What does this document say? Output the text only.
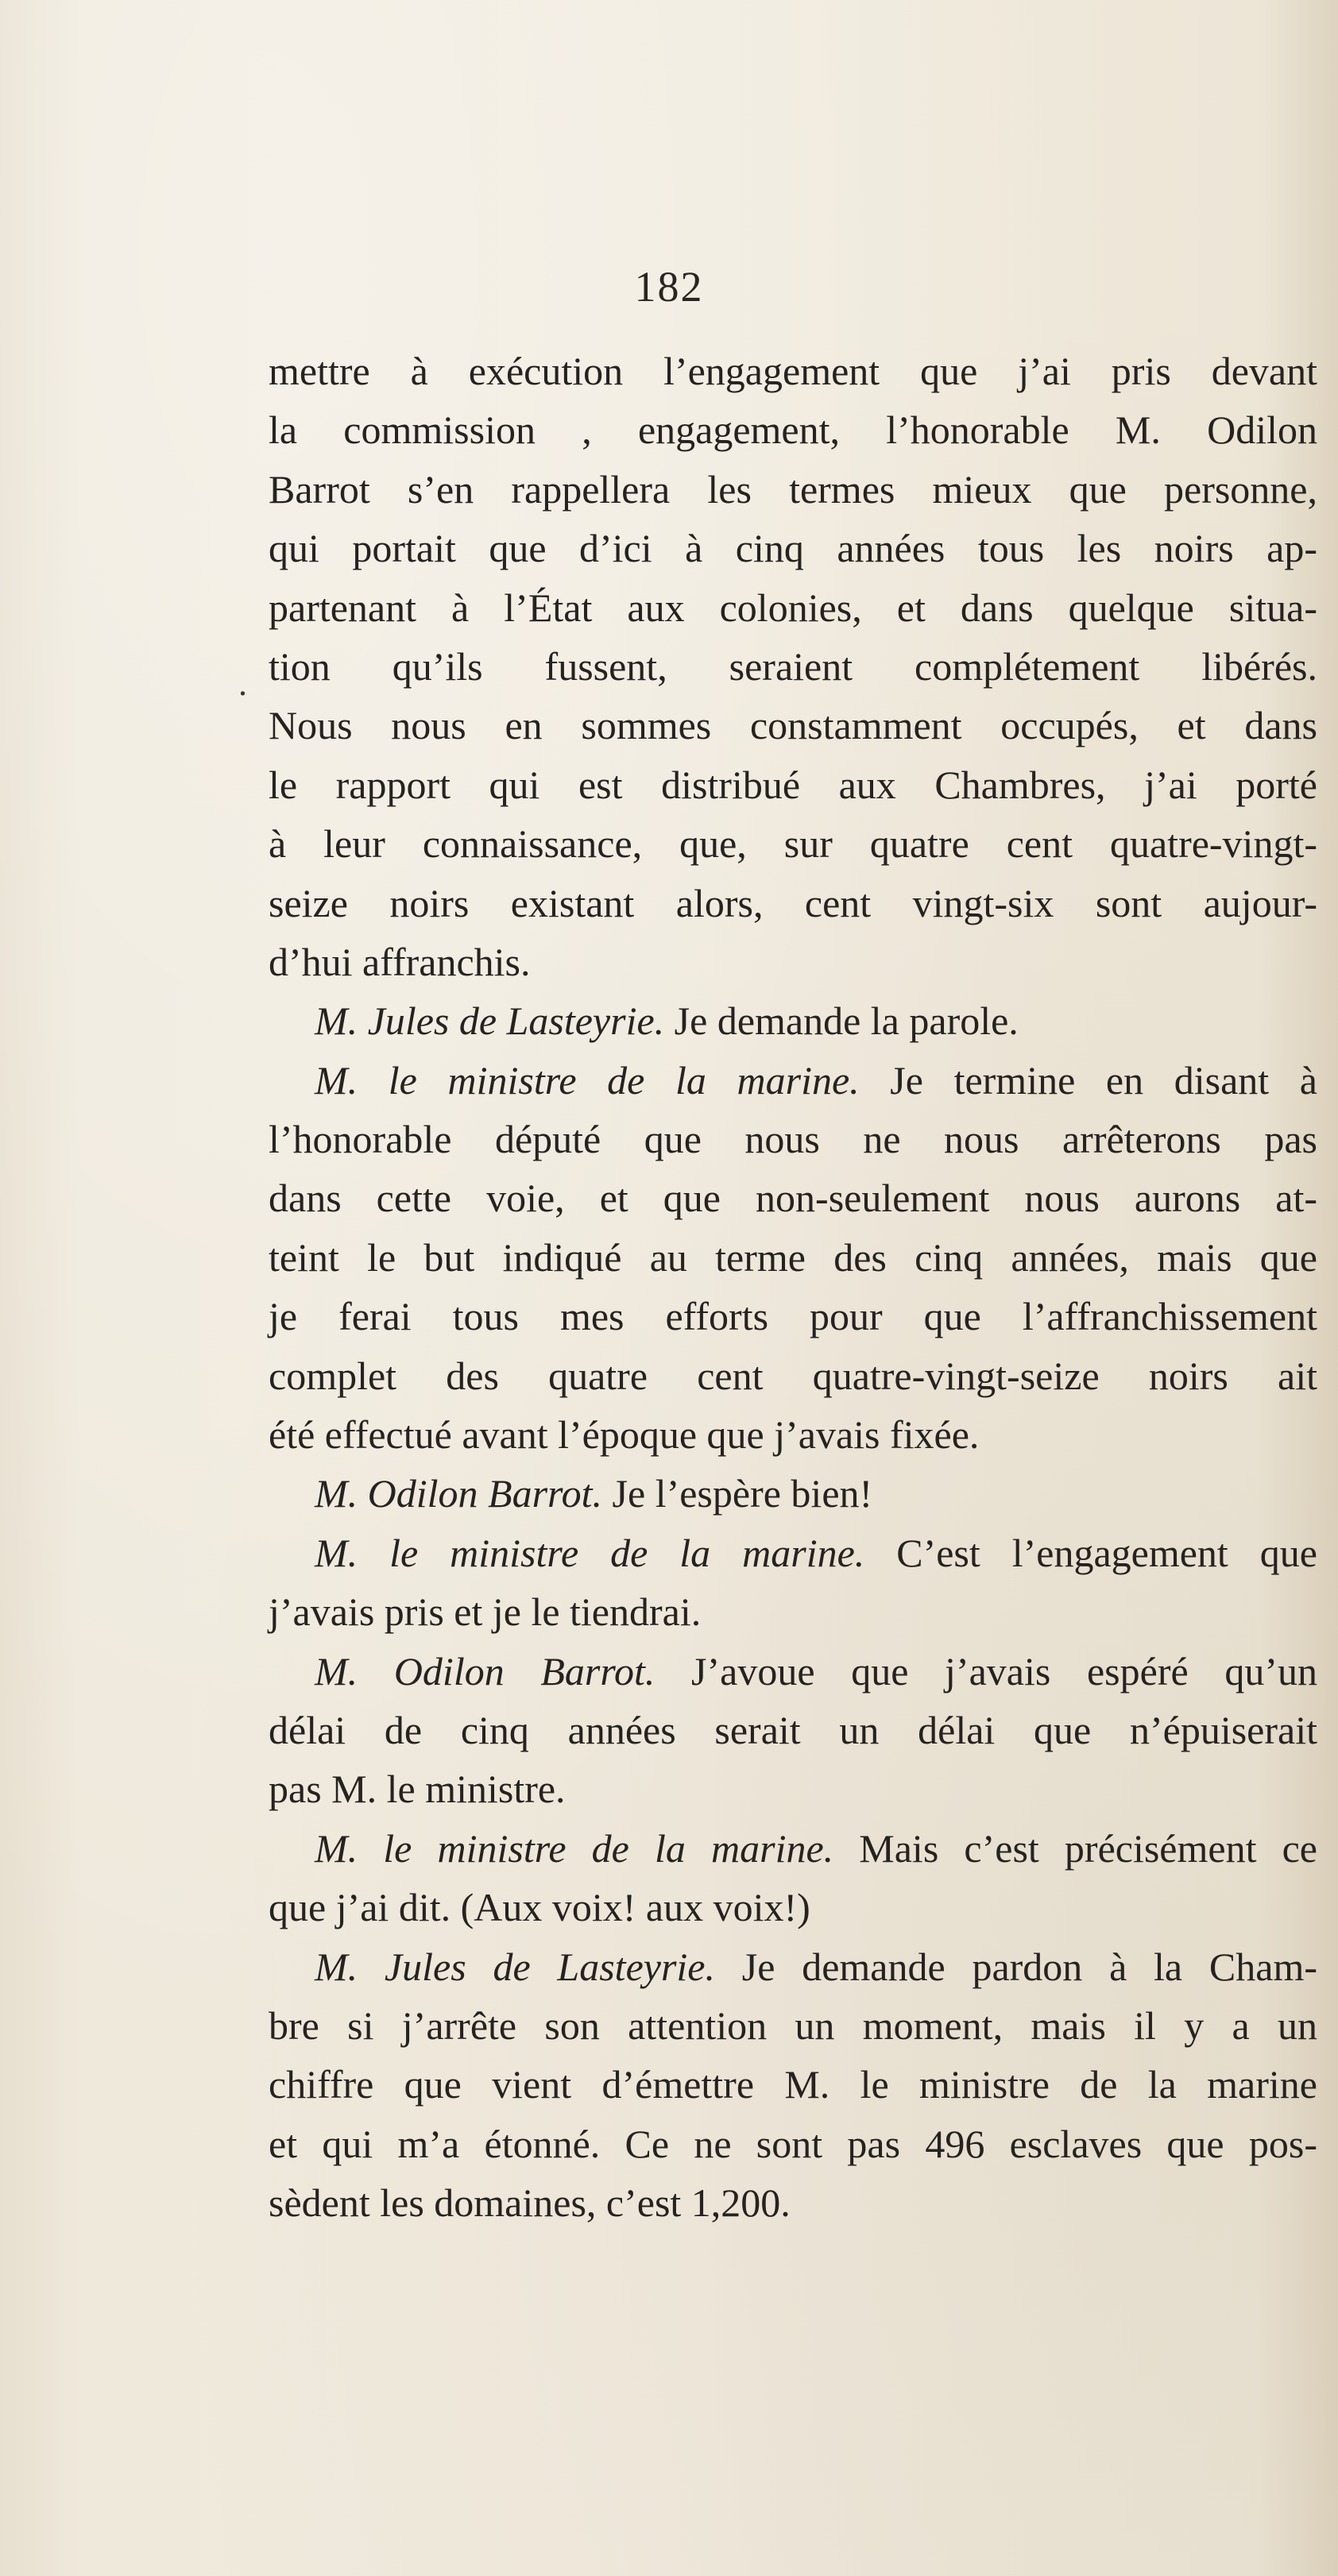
182
.
mettre à exécution l’engagement que j’ai pris devant
la commission , engagement, l’honorable M. Odilon
Barrot s’en rappellera les termes mieux que personne,
qui portait que d’ici à cinq années tous les noirs ap-
partenant à l’État aux colonies, et dans quelque situa-
tion qu’ils fussent, seraient complétement libérés.
Nous nous en sommes constamment occupés, et dans
le rapport qui est distribué aux Chambres, j’ai porté
à leur connaissance, que, sur quatre cent quatre-vingt-
seize noirs existant alors, cent vingt-six sont aujour-
d’hui affranchis.
M. Jules de Lasteyrie. Je demande la parole.
M. le ministre de la marine. Je termine en disant à
l’honorable député que nous ne nous arrêterons pas
dans cette voie, et que non-seulement nous aurons at-
teint le but indiqué au terme des cinq années, mais que
je ferai tous mes efforts pour que l’affranchissement
complet des quatre cent quatre-vingt-seize noirs ait
été effectué avant l’époque que j’avais fixée.
M. Odilon Barrot. Je l’espère bien!
M. le ministre de la marine. C’est l’engagement que
j’avais pris et je le tiendrai.
M. Odilon Barrot. J’avoue que j’avais espéré qu’un
délai de cinq années serait un délai que n’épuiserait
pas M. le ministre.
M. le ministre de la marine. Mais c’est précisément ce
que j’ai dit. (Aux voix! aux voix!)
M. Jules de Lasteyrie. Je demande pardon à la Cham-
bre si j’arrête son attention un moment, mais il y a un
chiffre que vient d’émettre M. le ministre de la marine
et qui m’a étonné. Ce ne sont pas 496 esclaves que pos-
sèdent les domaines, c’est 1,200.
